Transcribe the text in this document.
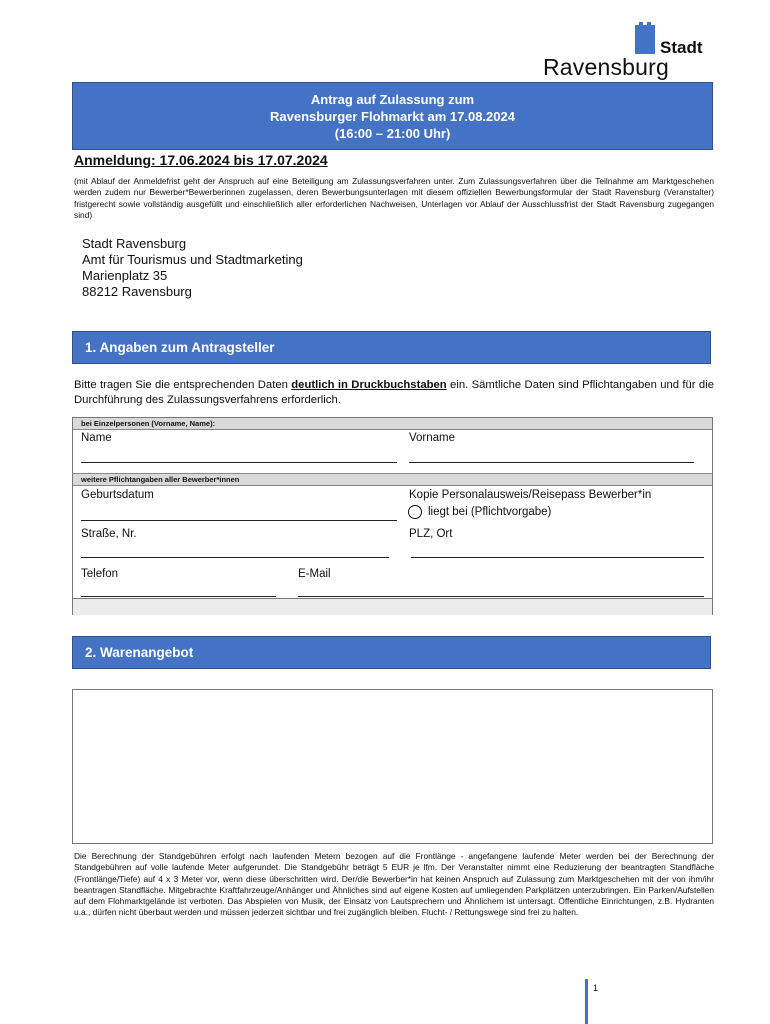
Stadt
Ravensburg
Antrag auf Zulassung zum
Ravensburger Flohmarkt am 17.08.2024
(16:00 – 21:00 Uhr)
Anmeldung: 17.06.2024 bis 17.07.2024
(mit Ablauf der Anmeldefrist geht der Anspruch auf eine Beteiligung am Zulassungsverfahren unter. Zum Zulassungsverfahren über die Teilnahme am Marktgeschehen werden zudem nur Bewerber*Bewerberinnen zugelassen, deren Bewerbungsunterlagen mit diesem offiziellen Bewerbungsformular der Stadt Ravensburg (Veranstalter) fristgerecht sowie vollständig ausgefüllt und einschließlich aller erforderlichen Nachweisen, Unterlagen vor Ablauf der Ausschlussfrist der Stadt Ravensburg zugegangen sind)
Stadt Ravensburg
Amt für Tourismus und Stadtmarketing
Marienplatz 35
88212 Ravensburg
1. Angaben zum Antragsteller
Bitte tragen Sie die entsprechenden Daten deutlich in Druckbuchstaben ein. Sämtliche Daten sind Pflichtangaben und für die Durchführung des Zulassungsverfahrens erforderlich.
bei Einzelpersonen (Vorname, Name):
Name	Vorname
weitere Pflichtangaben aller Bewerber*innen
Geburtsdatum	Kopie Personalausweis/Reisepass Bewerber*in
liegt bei (Pflichtvorgabe)
Straße, Nr.	PLZ, Ort
Telefon	E-Mail
2. Warenangebot
Die Berechnung der Standgebühren erfolgt nach laufenden Metern bezogen auf die Frontlänge - angefangene laufende Meter werden bei der Berechnung der Standgebühren auf volle laufende Meter aufgerundet. Die Standgebühr beträgt 5 EUR je lfm. Der Veranstalter nimmt eine Reduzierung der beantragten Standfläche (Frontlänge/Tiefe) auf 4 x 3 Meter vor, wenn diese überschritten wird. Der/die Bewerber*in hat keinen Anspruch auf Zulassung zum Marktgeschehen mit der von ihm/ihr beantragen Standfläche. Mitgebrachte Kraftfahrzeuge/Anhänger und Ähnliches sind auf eigene Kosten auf umliegenden Parkplätzen unterzubringen. Ein Parken/Aufstellen auf dem Flohmarktgelände ist verboten. Das Abspielen von Musik, der Einsatz von Lautsprechern und Ähnlichem ist untersagt. Öffentliche Einrichtungen, z.B. Hydranten u.a., dürfen nicht überbaut werden und müssen jederzeit sichtbar und frei zugänglich bleiben. Flucht- / Rettungswege sind frei zu halten.
1
